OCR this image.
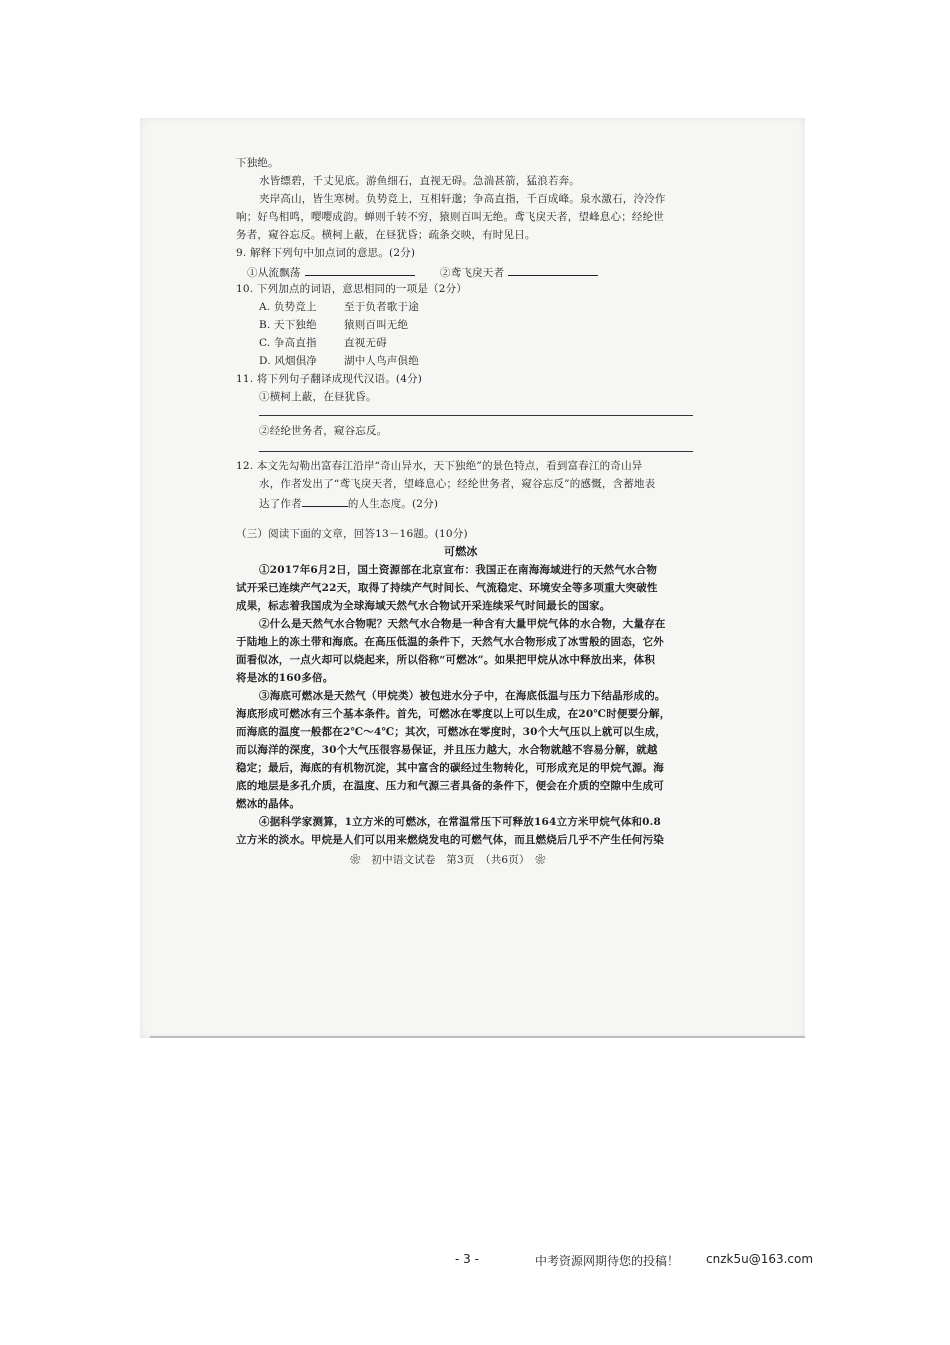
下独绝。
水皆缥碧，千丈见底。游鱼细石，直视无碍。急湍甚箭，猛浪若奔。
夹岸高山，皆生寒树。负势竞上，互相轩邈；争高直指，千百成峰。泉水激石，泠泠作
响；好鸟相鸣，嘤嘤成韵。蝉则千转不穷，猿则百叫无绝。鸢飞戾天者，望峰息心；经纶世
务者，窥谷忘反。横柯上蔽，在昼犹昏；疏条交映，有时见日。
9. 解释下列句中加点词的意思。(2分)
①从流飘荡	②鸢飞戾天者
10. 下列加点的词语，意思相同的一项是（2分）
A. 负势竞上	至于负者歌于途
B. 天下独绝	猿则百叫无绝
C. 争高直指	直视无碍
D. 风烟俱净	湖中人鸟声俱绝
11. 将下列句子翻译成现代汉语。(4分)
①横柯上蔽，在昼犹昏。
②经纶世务者，窥谷忘反。
12. 本文先勾勒出富春江沿岸“奇山异水，天下独绝”的景色特点，看到富春江的奇山异
水，作者发出了“鸢飞戾天者，望峰息心；经纶世务者，窥谷忘反”的感慨，含蓄地表
达了作者	的人生态度。(2分)
（三）阅读下面的文章，回答13－16题。(10分)
可燃冰
①2017年6月2日，国土资源部在北京宣布：我国正在南海海域进行的天然气水合物
试开采已连续产气22天，取得了持续产气时间长、气流稳定、环境安全等多项重大突破性
成果，标志着我国成为全球海域天然气水合物试开采连续采气时间最长的国家。
②什么是天然气水合物呢？天然气水合物是一种含有大量甲烷气体的水合物，大量存在
于陆地上的冻土带和海底。在高压低温的条件下，天然气水合物形成了冰雪般的固态，它外
面看似冰，一点火却可以烧起来，所以俗称“可燃冰”。如果把甲烷从冰中释放出来，体积
将是冰的160多倍。
③海底可燃冰是天然气（甲烷类）被包进水分子中，在海底低温与压力下结晶形成的。
海底形成可燃冰有三个基本条件。首先，可燃冰在零度以上可以生成，在20℃时便要分解，
而海底的温度一般都在2℃～4℃；其次，可燃冰在零度时，30个大气压以上就可以生成，
而以海洋的深度，30个大气压很容易保证，并且压力越大，水合物就越不容易分解，就越
稳定；最后，海底的有机物沉淀，其中富含的碳经过生物转化，可形成充足的甲烷气源。海
底的地层是多孔介质，在温度、压力和气源三者具备的条件下，便会在介质的空隙中生成可
燃冰的晶体。
④据科学家测算，1立方米的可燃冰，在常温常压下可释放164立方米甲烷气体和0.8
立方米的淡水。甲烷是人们可以用来燃烧发电的可燃气体，而且燃烧后几乎不产生任何污染
❀　初中语文试卷　第3页　（共6页）　❀
- 3 -	中考资源网期待您的投稿！ cnzk5u@163.com
